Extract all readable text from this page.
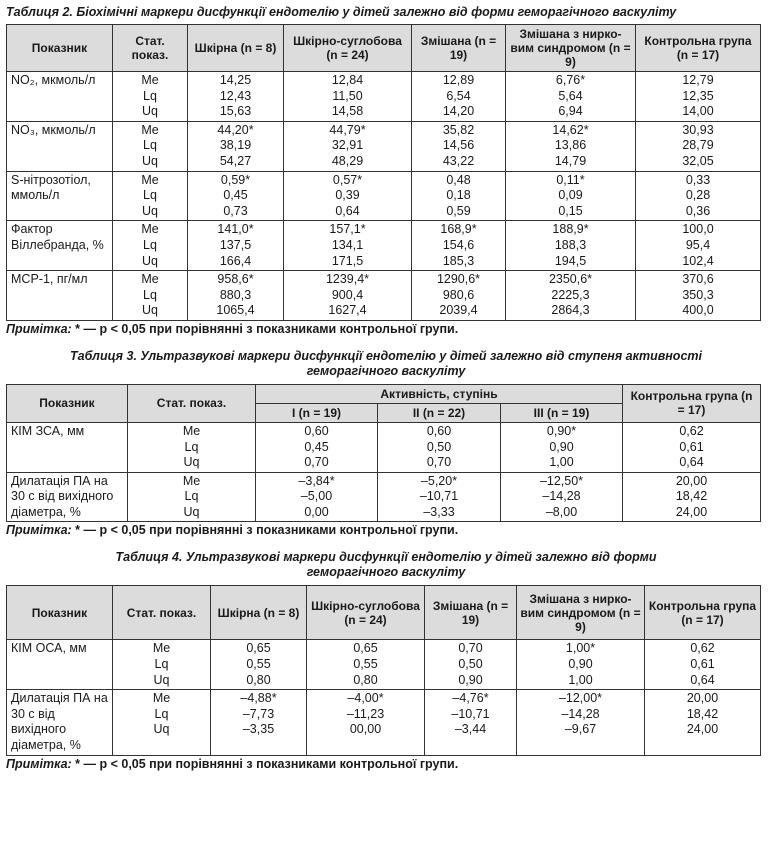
Таблиця 2. Біохімічні маркери дисфункції ендотелію у дітей залежно від форми геморагічного васкуліту
Показник	Стат. показ.	Шкірна (n = 8)	Шкірно-суглобова (n = 24)	Змішана (n = 19)	Змішана з нирко-вим синдромом (n = 9)	Контрольна група (n = 17)
NO₂, мкмоль/л	Me
Lq
Uq	14,25
12,43
15,63	12,84
11,50
14,58	12,89
6,54
14,20	6,76*
5,64
6,94	12,79
12,35
14,00

NO₃, мкмоль/л	Me
Lq
Uq	44,20*
38,19
54,27	44,79*
32,91
48,29	35,82
14,56
43,22	14,62*
13,86
14,79	30,93
28,79
32,05

S-нітрозотіол, ммоль/л	Me
Lq
Uq	0,59*
0,45
0,73	0,57*
0,39
0,64	0,48
0,18
0,59	0,11*
0,09
0,15	0,33
0,28
0,36

Фактор Віллебранда, %	Me
Lq
Uq	141,0*
137,5
166,4	157,1*
134,1
171,5	168,9*
154,6
185,3	188,9*
188,3
194,5	100,0
95,4
102,4

MCP-1, пг/мл	Me
Lq
Uq	958,6*
880,3
1065,4	1239,4*
900,4
1627,4	1290,6*
980,6
2039,4	2350,6*
2225,3
2864,3	370,6
350,3
400,0
Примітка: * — р < 0,05 при порівнянні з показниками контрольної групи.
Таблиця 3. Ультразвукові маркери дисфункції ендотелію у дітей залежно від ступеня активності
геморагічного васкуліту
Показник	Стат. показ.	Активність, ступінь			Контрольна група (n = 17)
		I (n = 19)	II (n = 22)	III (n = 19)	
КІМ ЗСА, мм	Me
Lq
Uq	0,60
0,45
0,70	0,60
0,50
0,70	0,90*
0,90
1,00	0,62
0,61
0,64

Дилатація ПА на 30 с від вихідного діаметра, %	Me
Lq
Uq	–3,84*
–5,00
0,00	–5,20*
–10,71
–3,33	–12,50*
–14,28
–8,00	20,00
18,42
24,00
Примітка: * — р < 0,05 при порівнянні з показниками контрольної групи.
Таблиця 4. Ультразвукові маркери дисфункції ендотелію у дітей залежно від форми
геморагічного васкуліту
Показник	Стат. показ.	Шкірна (n = 8)	Шкірно-суглобова (n = 24)	Змішана (n = 19)	Змішана з нирко-вим синдромом (n = 9)	Контрольна група (n = 17)
КІМ ОСА, мм	Me
Lq
Uq	0,65
0,55
0,80	0,65
0,55
0,80	0,70
0,50
0,90	1,00*
0,90
1,00	0,62
0,61
0,64

Дилатація ПА на 30 с від вихідного діаметра, %	Me
Lq
Uq	–4,88*
–7,73
–3,35	–4,00*
–11,23
00,00	–4,76*
–10,71
–3,44	–12,00*
–14,28
–9,67	20,00
18,42
24,00
Примітка: * — р < 0,05 при порівнянні з показниками контрольної групи.
